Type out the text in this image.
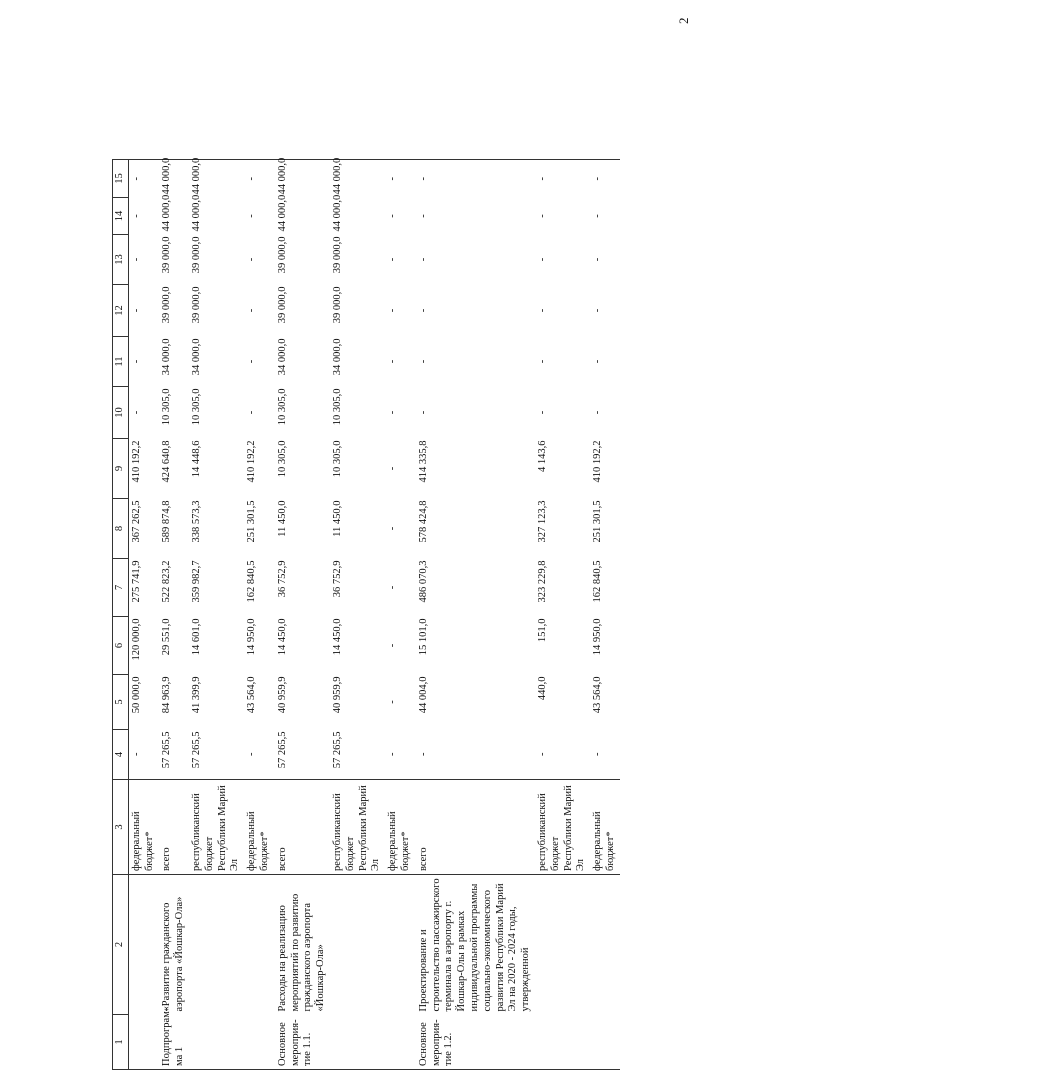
2
1	2	3	4	5	6	7	8	9	10	11	12	13	14	15
		федеральный бюджет*	-	50 000,0	120 000,0	275 741,9	367 262,5	410 192,2	-	-	-	-	-	-
Подпрограм-ма 1	«Развитие гражданского аэропорта «Йошкар-Ола»	всего	57 265,5	84 963,9	29 551,0	522 823,2	589 874,8	424 640,8	10 305,0	34 000,0	39 000,0	39 000,0	44 000,0	44 000,0
		республиканский бюджет Республики Марий Эл	57 265,5	41 399,9	14 601,0	359 982,7	338 573,3	14 448,6	10 305,0	34 000,0	39 000,0	39 000,0	44 000,0	44 000,0
		федеральный бюджет*	-	43 564,0	14 950,0	162 840,5	251 301,5	410 192,2	-	-	-	-	-	-
Основное мероприя-тие 1.1.	Расходы на реализацию мероприятий по развитию гражданского аэропорта «Йошкар-Ола»	всего	57 265,5	40 959,9	14 450,0	36 752,9	11 450,0	10 305,0	10 305,0	34 000,0	39 000,0	39 000,0	44 000,0	44 000,0
		республиканский бюджет Республики Марий Эл	57 265,5	40 959,9	14 450,0	36 752,9	11 450,0	10 305,0	10 305,0	34 000,0	39 000,0	39 000,0	44 000,0	44 000,0
		федеральный бюджет*	-	-	-	-	-	-	-	-	-	-	-	-
Основное мероприя-тие 1.2.	Проектирование и строительство пассажирского терминала в аэропорту г. Йошкар-Олы в рамках индивидуальной программы социально-экономического развития Республики Марий Эл на 2020 - 2024 годы, утвержденной	всего	-	44 004,0	15 101,0	486 070,3	578 424,8	414 335,8	-	-	-	-	-	-
		республиканский бюджет Республики Марий Эл	-	440,0	151,0	323 229,8	327 123,3	4 143,6	-	-	-	-	-	-
		федеральный бюджет*	-	43 564,0	14 950,0	162 840,5	251 301,5	410 192,2	-	-	-	-	-	-
